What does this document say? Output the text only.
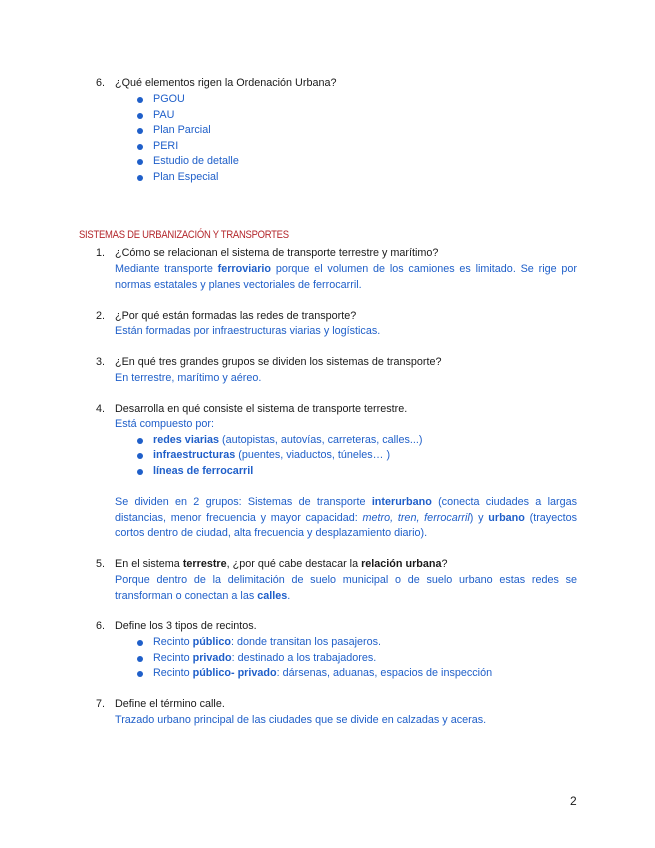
6. ¿Qué elementos rigen la Ordenación Urbana?
PGOU
PAU
Plan Parcial
PERI
Estudio de detalle
Plan Especial
SISTEMAS DE URBANIZACIÓN Y TRANSPORTES
1. ¿Cómo se relacionan el sistema de transporte terrestre y marítimo?
Mediante transporte ferroviario porque el volumen de los camiones es limitado. Se rige por normas estatales y planes vectoriales de ferrocarril.
2. ¿Por qué están formadas las redes de transporte?
Están formadas por infraestructuras viarias y logísticas.
3. ¿En qué tres grandes grupos se dividen los sistemas de transporte?
En terrestre, marítimo y aéreo.
4. Desarrolla en qué consiste el sistema de transporte terrestre.
Está compuesto por:
redes viarias (autopistas, autovías, carreteras, calles...)
infraestructuras (puentes, viaductos, túneles… )
líneas de ferrocarril
Se dividen en 2 grupos: Sistemas de transporte interurbano (conecta ciudades a largas distancias, menor frecuencia y mayor capacidad: metro, tren, ferrocarril) y urbano (trayectos cortos dentro de ciudad, alta frecuencia y desplazamiento diario).
5. En el sistema terrestre, ¿por qué cabe destacar la relación urbana?
Porque dentro de la delimitación de suelo municipal o de suelo urbano estas redes se transforman o conectan a las calles.
6. Define los 3 tipos de recintos.
Recinto público: donde transitan los pasajeros.
Recinto privado: destinado a los trabajadores.
Recinto público- privado: dársenas, aduanas, espacios de inspección
7. Define el término calle.
Trazado urbano principal de las ciudades que se divide en calzadas y aceras.
2
